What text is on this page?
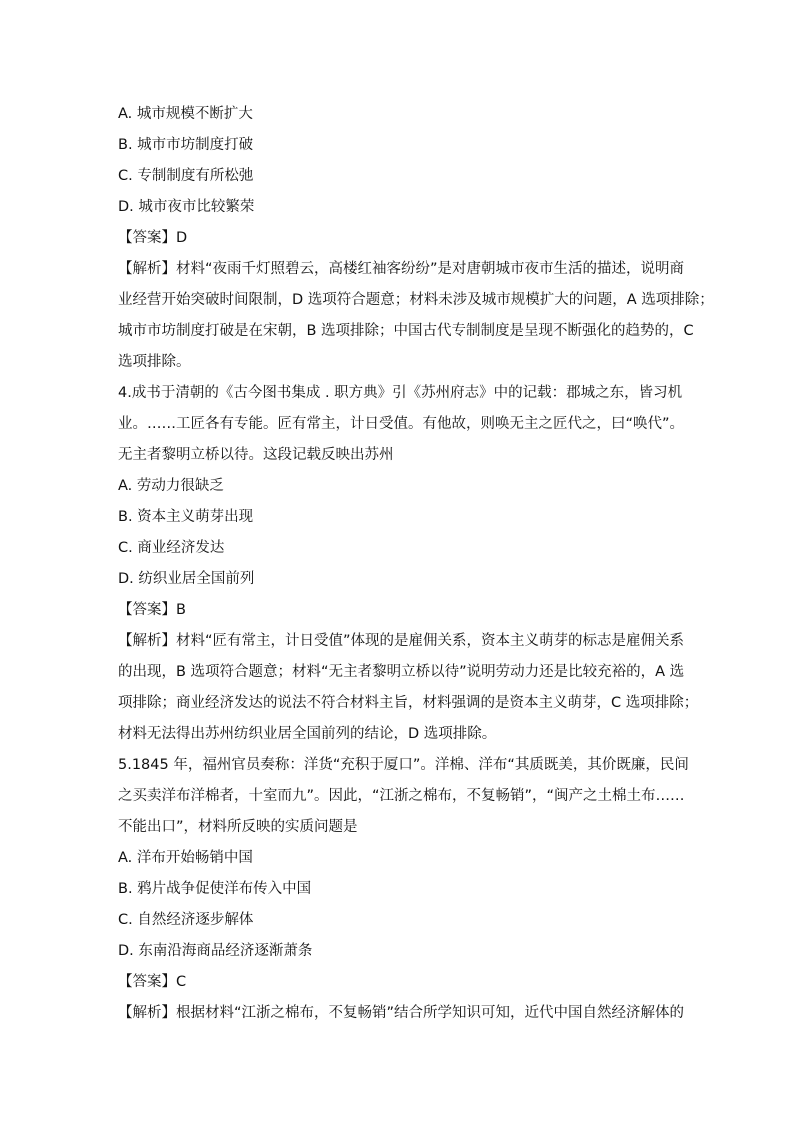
A. 城市规模不断扩大
B. 城市市坊制度打破
C. 专制制度有所松弛
D. 城市夜市比较繁荣
【答案】D
【解析】材料“夜雨千灯照碧云，高楼红袖客纷纷”是对唐朝城市夜市生活的描述，说明商
业经营开始突破时间限制，D 选项符合题意；材料未涉及城市规模扩大的问题，A 选项排除；
城市市坊制度打破是在宋朝，B 选项排除；中国古代专制制度是呈现不断强化的趋势的，C
选项排除。
4.成书于清朝的《古今图书集成 . 职方典》引《苏州府志》中的记载：郡城之东，皆习机
业。……工匠各有专能。匠有常主，计日受值。有他故，则唤无主之匠代之，曰“唤代”。
无主者黎明立桥以待。这段记载反映出苏州
A. 劳动力很缺乏
B. 资本主义萌芽出现
C. 商业经济发达
D. 纺织业居全国前列
【答案】B
【解析】材料“匠有常主，计日受值”体现的是雇佣关系，资本主义萌芽的标志是雇佣关系
的出现，B 选项符合题意；材料“无主者黎明立桥以待”说明劳动力还是比较充裕的，A 选
项排除；商业经济发达的说法不符合材料主旨，材料强调的是资本主义萌芽，C 选项排除；
材料无法得出苏州纺织业居全国前列的结论，D 选项排除。
5.1845 年，福州官员奏称：洋货“充积于厦口”。洋棉、洋布“其质既美，其价既廉，民间
之买卖洋布洋棉者，十室而九”。因此，“江浙之棉布，不复畅销”，“闽产之土棉土布……
不能出口”，材料所反映的实质问题是
A. 洋布开始畅销中国
B. 鸦片战争促使洋布传入中国
C. 自然经济逐步解体
D. 东南沿海商品经济逐渐萧条
【答案】C
【解析】根据材料“江浙之棉布，不复畅销”结合所学知识可知，近代中国自然经济解体的
